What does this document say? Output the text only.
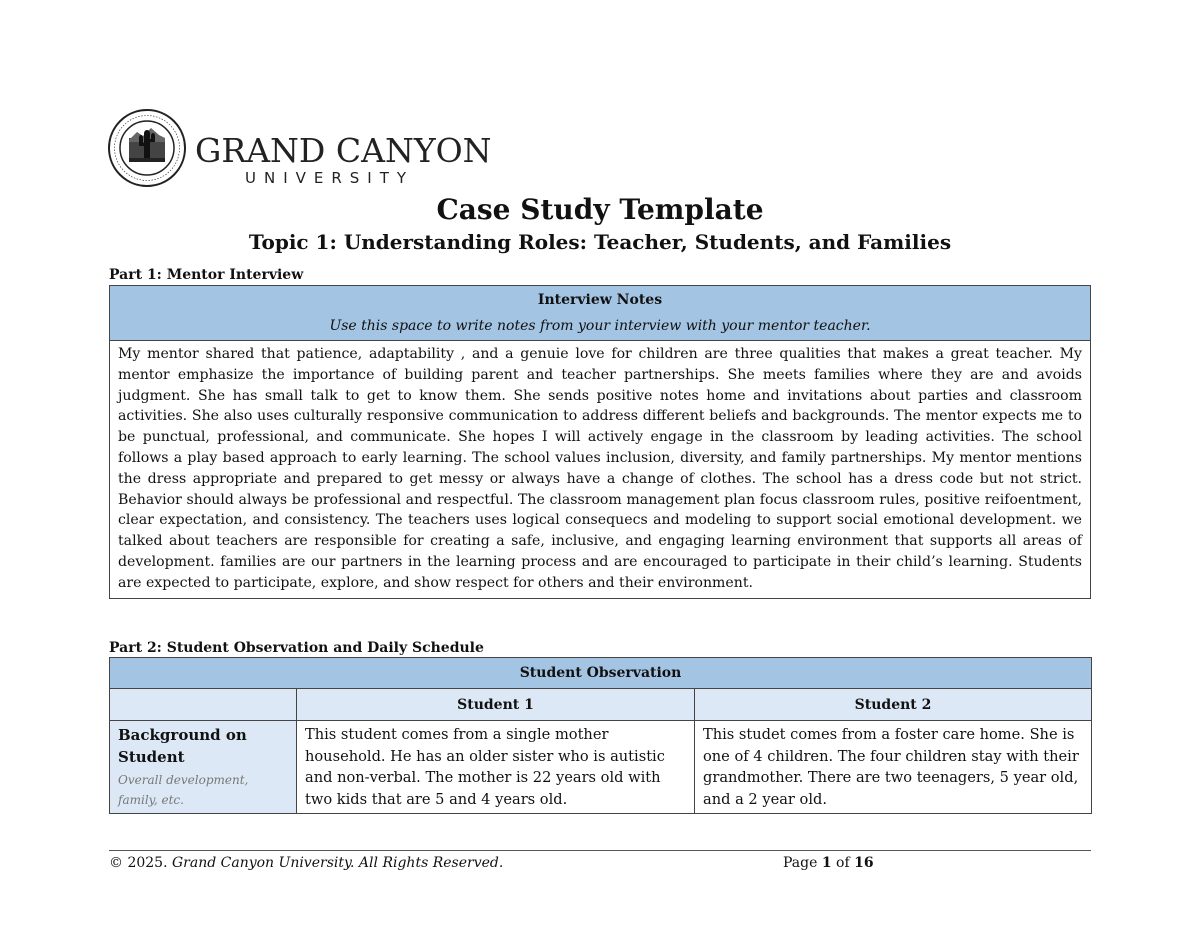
GRAND CANYON
UNIVERSITY
Case Study Template
Topic 1: Understanding Roles: Teacher, Students, and Families
Part 1: Mentor Interview
Interview Notes
Use this space to write notes from your interview with your mentor teacher.

My mentor shared that patience, adaptability , and a genuie love for children are three qualities that makes a great teacher. My mentor emphasize the importance of building parent and teacher partnerships. She meets families where they are and avoids judgment. She has small talk to get to know them. She sends positive notes home and invitations about parties and classroom activities. She also uses culturally responsive communication to address different beliefs and backgrounds. The mentor expects me to be punctual, professional, and communicate. She hopes I will actively engage in the classroom by leading activities. The school follows a play based approach to early learning. The school values inclusion, diversity, and family partnerships. My mentor mentions the dress appropriate and prepared to get messy or always have a change of clothes. The school has a dress code but not strict. Behavior should always be professional and respectful. The classroom management plan focus classroom rules, positive reifoentment, clear expectation, and consistency. The teachers uses logical consequecs and modeling to support social emotional development. we talked about teachers are responsible for creating a safe, inclusive, and engaging learning environment that supports all areas of development. families are our partners in the learning process and are encouraged to participate in their child’s learning. Students are expected to participate, explore, and show respect for others and their environment.
Part 2: Student Observation and Daily Schedule
Student Observation		
	Student 1	Student 2

Background on Student
Overall development, family, etc.	This student comes from a single mother household. He has an older sister who is autistic and non-verbal. The mother is 22 years old with two kids that are 5 and 4 years old.	This studet comes from a foster care home. She is one of 4 children. The four children stay with their grandmother. There are two teenagers, 5 year old, and a 2 year old.
© 2025. Grand Canyon University. All Rights Reserved.	Page 1 of 16
